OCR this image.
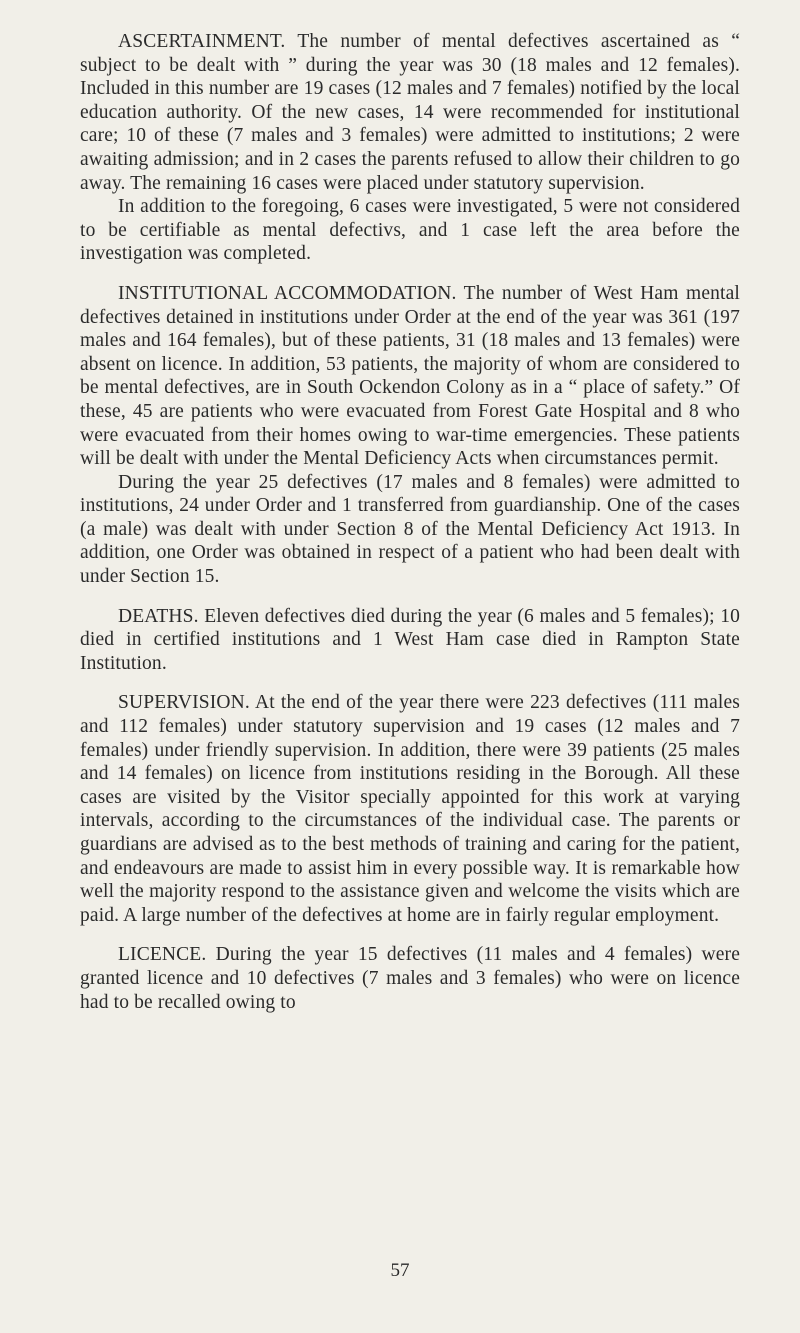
ASCERTAINMENT. The number of mental defectives ascertained as “ subject to be dealt with ” during the year was 30 (18 males and 12 females). Included in this number are 19 cases (12 males and 7 females) notified by the local education authority. Of the new cases, 14 were recommended for institutional care; 10 of these (7 males and 3 females) were admitted to institutions; 2 were awaiting admission; and in 2 cases the parents refused to allow their children to go away. The remaining 16 cases were placed under statutory supervision.

In addition to the foregoing, 6 cases were investigated, 5 were not considered to be certifiable as mental defectivs, and 1 case left the area before the investigation was completed.

INSTITUTIONAL ACCOMMODATION. The number of West Ham mental defectives detained in institutions under Order at the end of the year was 361 (197 males and 164 females), but of these patients, 31 (18 males and 13 females) were absent on licence. In addition, 53 patients, the majority of whom are considered to be mental defectives, are in South Ockendon Colony as in a “ place of safety.” Of these, 45 are patients who were evacuated from Forest Gate Hospital and 8 who were evacuated from their homes owing to war-time emergencies. These patients will be dealt with under the Mental Deficiency Acts when circumstances permit.

During the year 25 defectives (17 males and 8 females) were admitted to institutions, 24 under Order and 1 transferred from guardianship. One of the cases (a male) was dealt with under Section 8 of the Mental Deficiency Act 1913. In addition, one Order was obtained in respect of a patient who had been dealt with under Section 15.

DEATHS. Eleven defectives died during the year (6 males and 5 females); 10 died in certified institutions and 1 West Ham case died in Rampton State Institution.

SUPERVISION. At the end of the year there were 223 defectives (111 males and 112 females) under statutory supervision and 19 cases (12 males and 7 females) under friendly supervision. In addition, there were 39 patients (25 males and 14 females) on licence from institutions residing in the Borough. All these cases are visited by the Visitor specially appointed for this work at varying intervals, according to the circumstances of the individual case. The parents or guardians are advised as to the best methods of training and caring for the patient, and endeavours are made to assist him in every possible way. It is remarkable how well the majority respond to the assistance given and welcome the visits which are paid. A large number of the defectives at home are in fairly regular employment.

LICENCE. During the year 15 defectives (11 males and 4 females) were granted licence and 10 defectives (7 males and 3 females) who were on licence had to be recalled owing to

57
